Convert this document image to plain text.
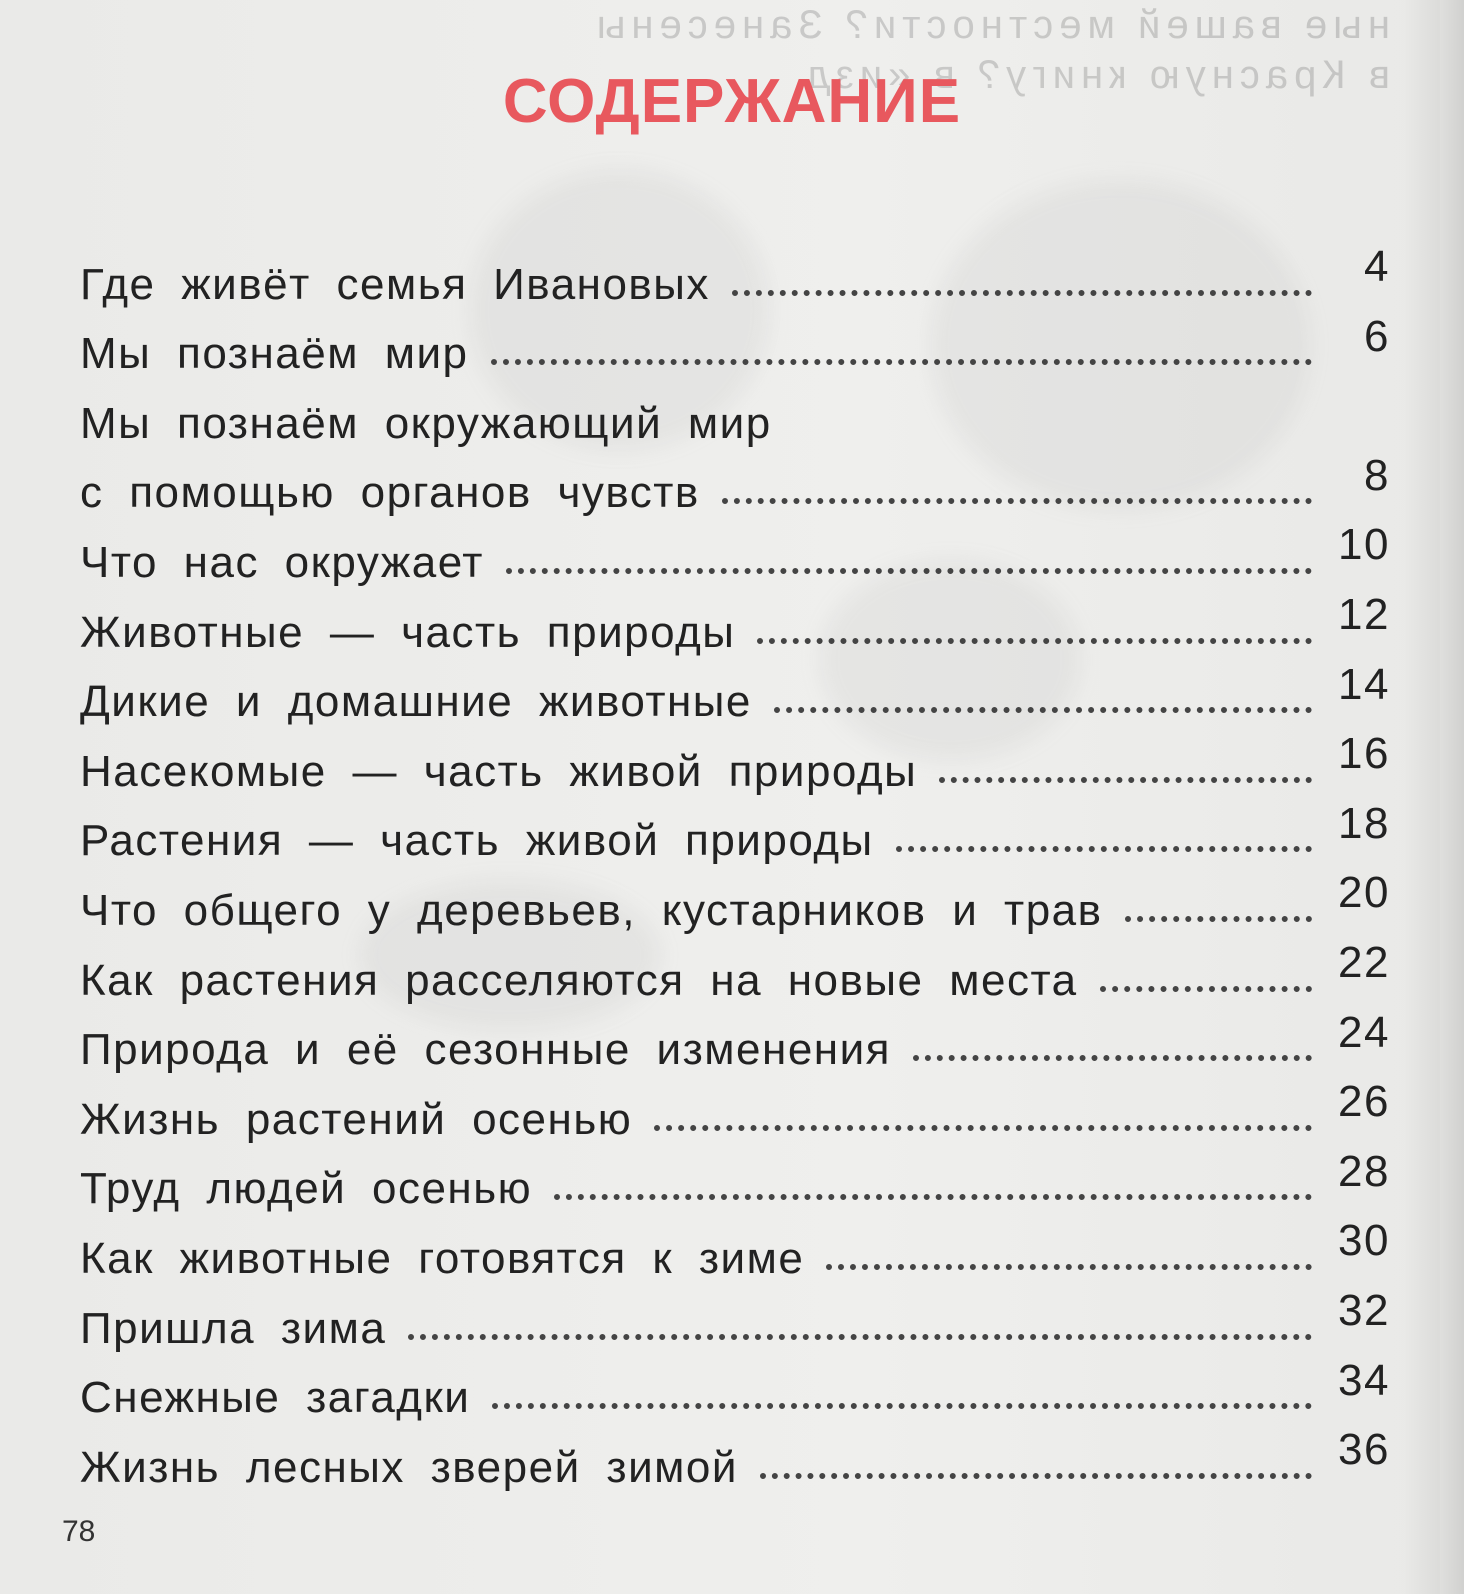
ные вашей местности? Занесены
в Красную книгу? в «изд
СОДЕРЖАНИЕ
Где живёт семья Ивановых	4
Мы познаём мир	6
Мы познаём окружающий мир
с помощью органов чувств	8
Что нас окружает	10
Животные — часть природы	12
Дикие и домашние животные	14
Насекомые — часть живой природы	16
Растения — часть живой природы	18
Что общего у деревьев, кустарников и трав	20
Как растения расселяются на новые места	22
Природа и её сезонные изменения	24
Жизнь растений осенью	26
Труд людей осенью	28
Как животные готовятся к зиме	30
Пришла зима	32
Снежные загадки	34
Жизнь лесных зверей зимой	36
78
